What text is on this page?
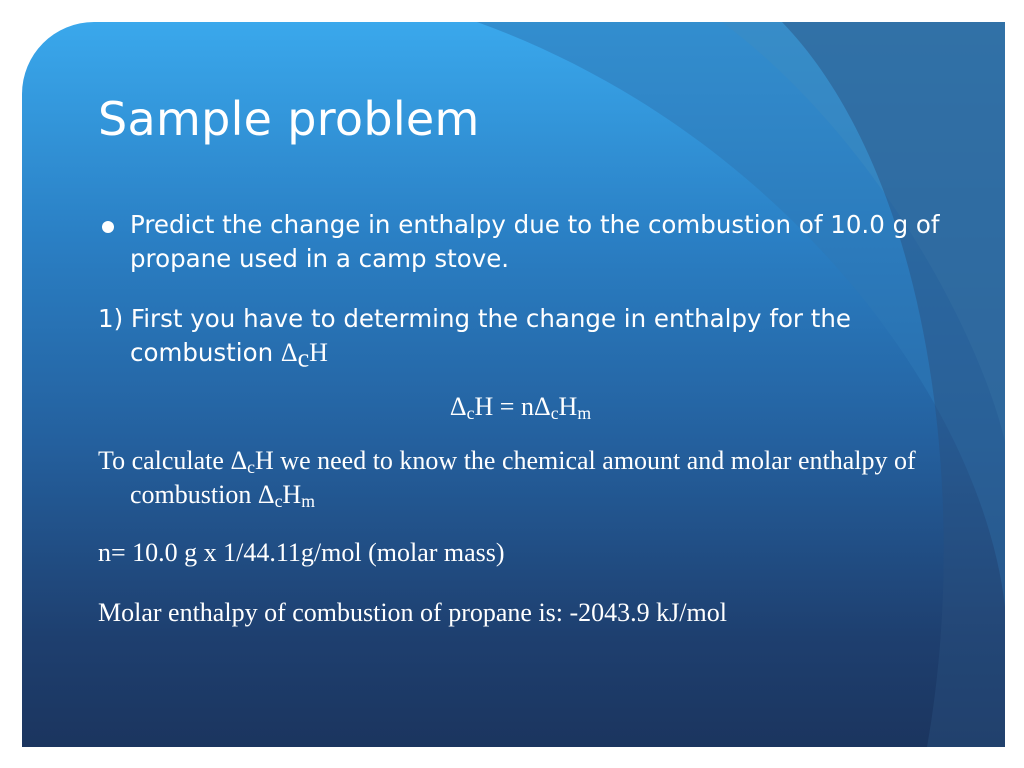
Sample problem

Predict the change in enthalpy due to the combustion of 10.0 g of propane used in a camp stove.

1) First you have to determing the change in enthalpy for the combustion $\Delta_cH$

$\Delta_cH = n\Delta_cH_m$

To calculate $\Delta_cH$ we need to know the chemical amount and molar enthalpy of combustion $\Delta_cH_m$

n= 10.0 g x 1/44.11g/mol (molar mass)

Molar enthalpy of combustion of propane is: -2043.9 kJ/mol
